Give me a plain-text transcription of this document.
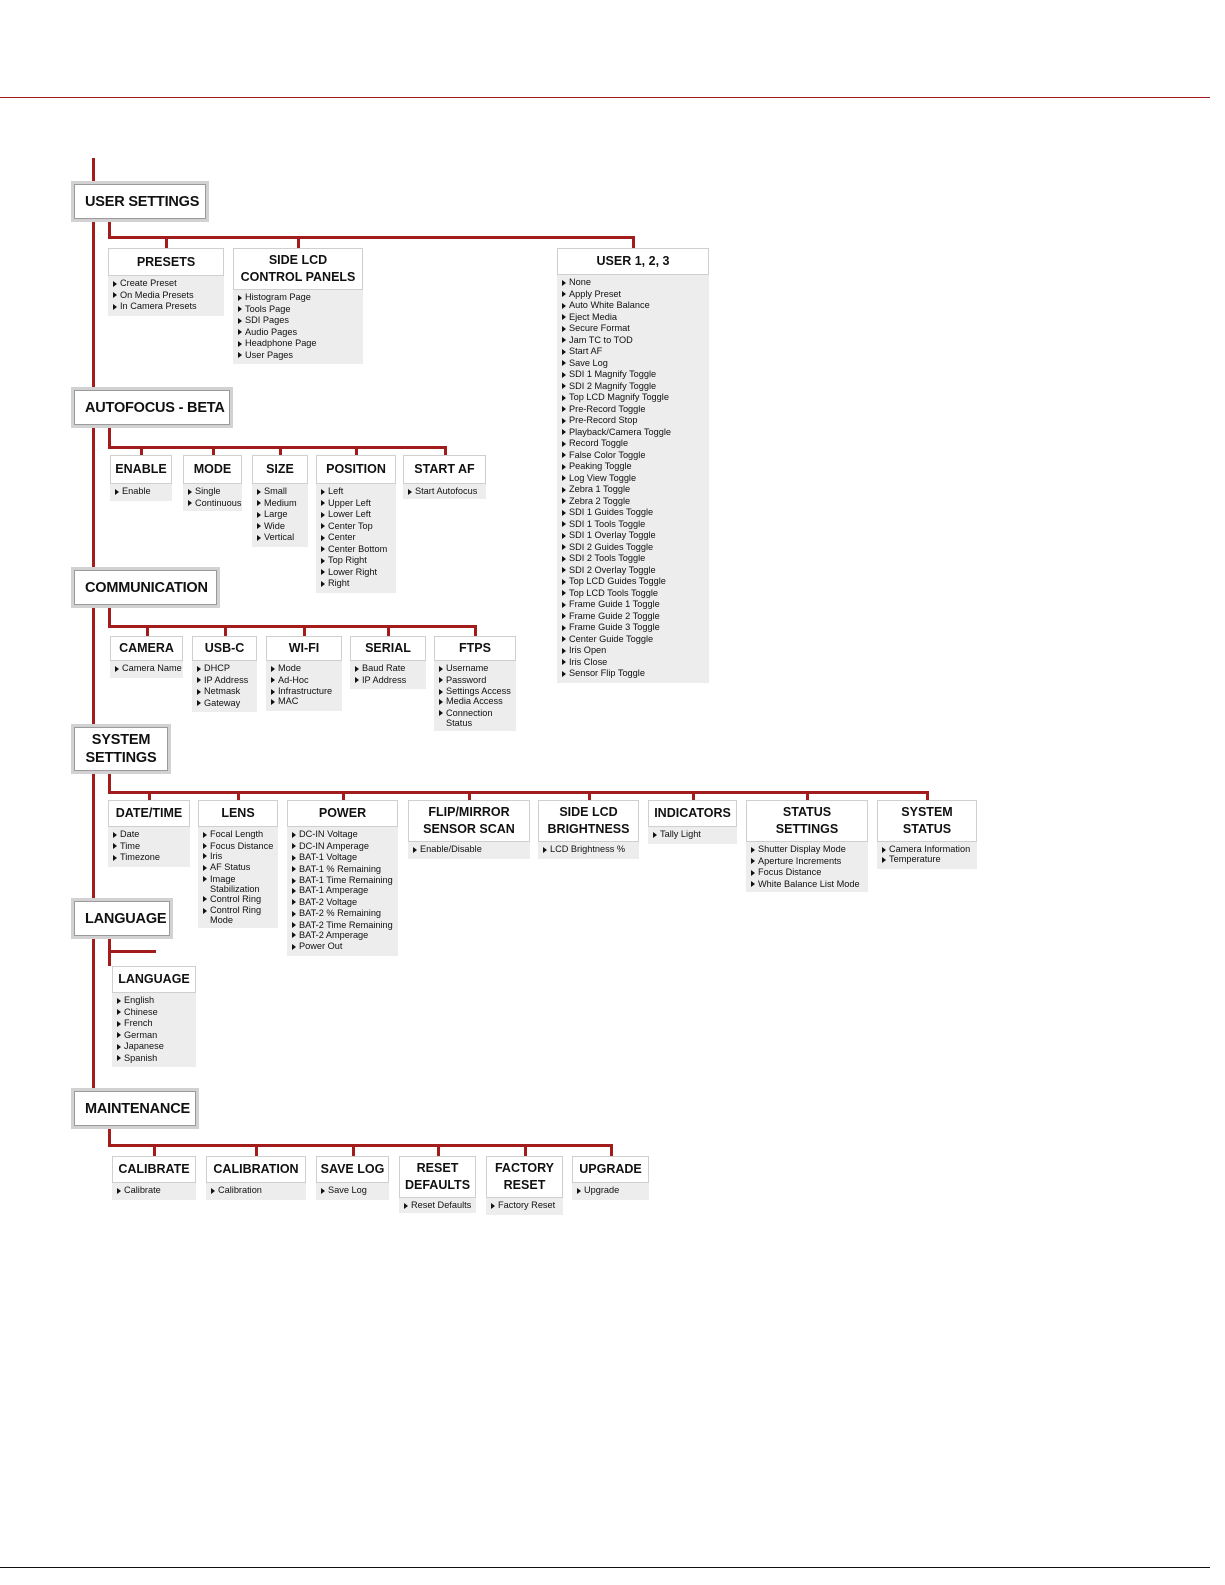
USER SETTINGS
PRESETS
Create Preset
On Media Presets
In Camera Presets
SIDE LCD CONTROL PANELS
Histogram Page
Tools Page
SDI Pages
Audio Pages
Headphone Page
User Pages
USER 1, 2, 3
None
Apply Preset
Auto White Balance
Eject Media
Secure Format
Jam TC to TOD
Start AF
Save Log
SDI 1 Magnify Toggle
SDI 2 Magnify Toggle
Top LCD Magnify Toggle
Pre-Record Toggle
Pre-Record Stop
Playback/Camera Toggle
Record Toggle
False Color Toggle
Peaking Toggle
Log View Toggle
Zebra 1 Toggle
Zebra 2 Toggle
SDI 1 Guides Toggle
SDI 1 Tools Toggle
SDI 1 Overlay Toggle
SDI 2 Guides Toggle
SDI 2 Tools Toggle
SDI 2 Overlay Toggle
Top LCD Guides Toggle
Top LCD Tools Toggle
Frame Guide 1 Toggle
Frame Guide 2 Toggle
Frame Guide 3 Toggle
Center Guide Toggle
Iris Open
Iris Close
Sensor Flip Toggle
AUTOFOCUS - BETA
ENABLE
Enable
MODE
Single
Continuous
SIZE
Small
Medium
Large
Wide
Vertical
POSITION
Left
Upper Left
Lower Left
Center Top
Center
Center Bottom
Top Right
Lower Right
Right
START AF
Start Autofocus
COMMUNICATION
CAMERA
Camera Name
USB-C
DHCP
IP Address
Netmask
Gateway
WI-FI
Mode
Ad-Hoc
Infrastructure
MAC
SERIAL
Baud Rate
IP Address
FTPS
Username
Password
Settings Access
Media Access
Connection Status
SYSTEM SETTINGS
DATE/TIME
Date
Time
Timezone
LENS
Focal Length
Focus Distance
Iris
AF Status
Image Stabilization
Control Ring
Control Ring Mode
POWER
DC-IN Voltage
DC-IN Amperage
BAT-1 Voltage
BAT-1 % Remaining
BAT-1 Time Remaining
BAT-1 Amperage
BAT-2 Voltage
BAT-2 % Remaining
BAT-2 Time Remaining
BAT-2 Amperage
Power Out
FLIP/MIRROR SENSOR SCAN
Enable/Disable
SIDE LCD BRIGHTNESS
LCD Brightness %
INDICATORS
Tally Light
STATUS SETTINGS
Shutter Display Mode
Aperture Increments
Focus Distance
White Balance List Mode
SYSTEM STATUS
Camera Information
Temperature
LANGUAGE
LANGUAGE
English
Chinese
French
German
Japanese
Spanish
MAINTENANCE
CALIBRATE
Calibrate
CALIBRATION
Calibration
SAVE LOG
Save Log
RESET DEFAULTS
Reset Defaults
FACTORY RESET
Factory Reset
UPGRADE
Upgrade
